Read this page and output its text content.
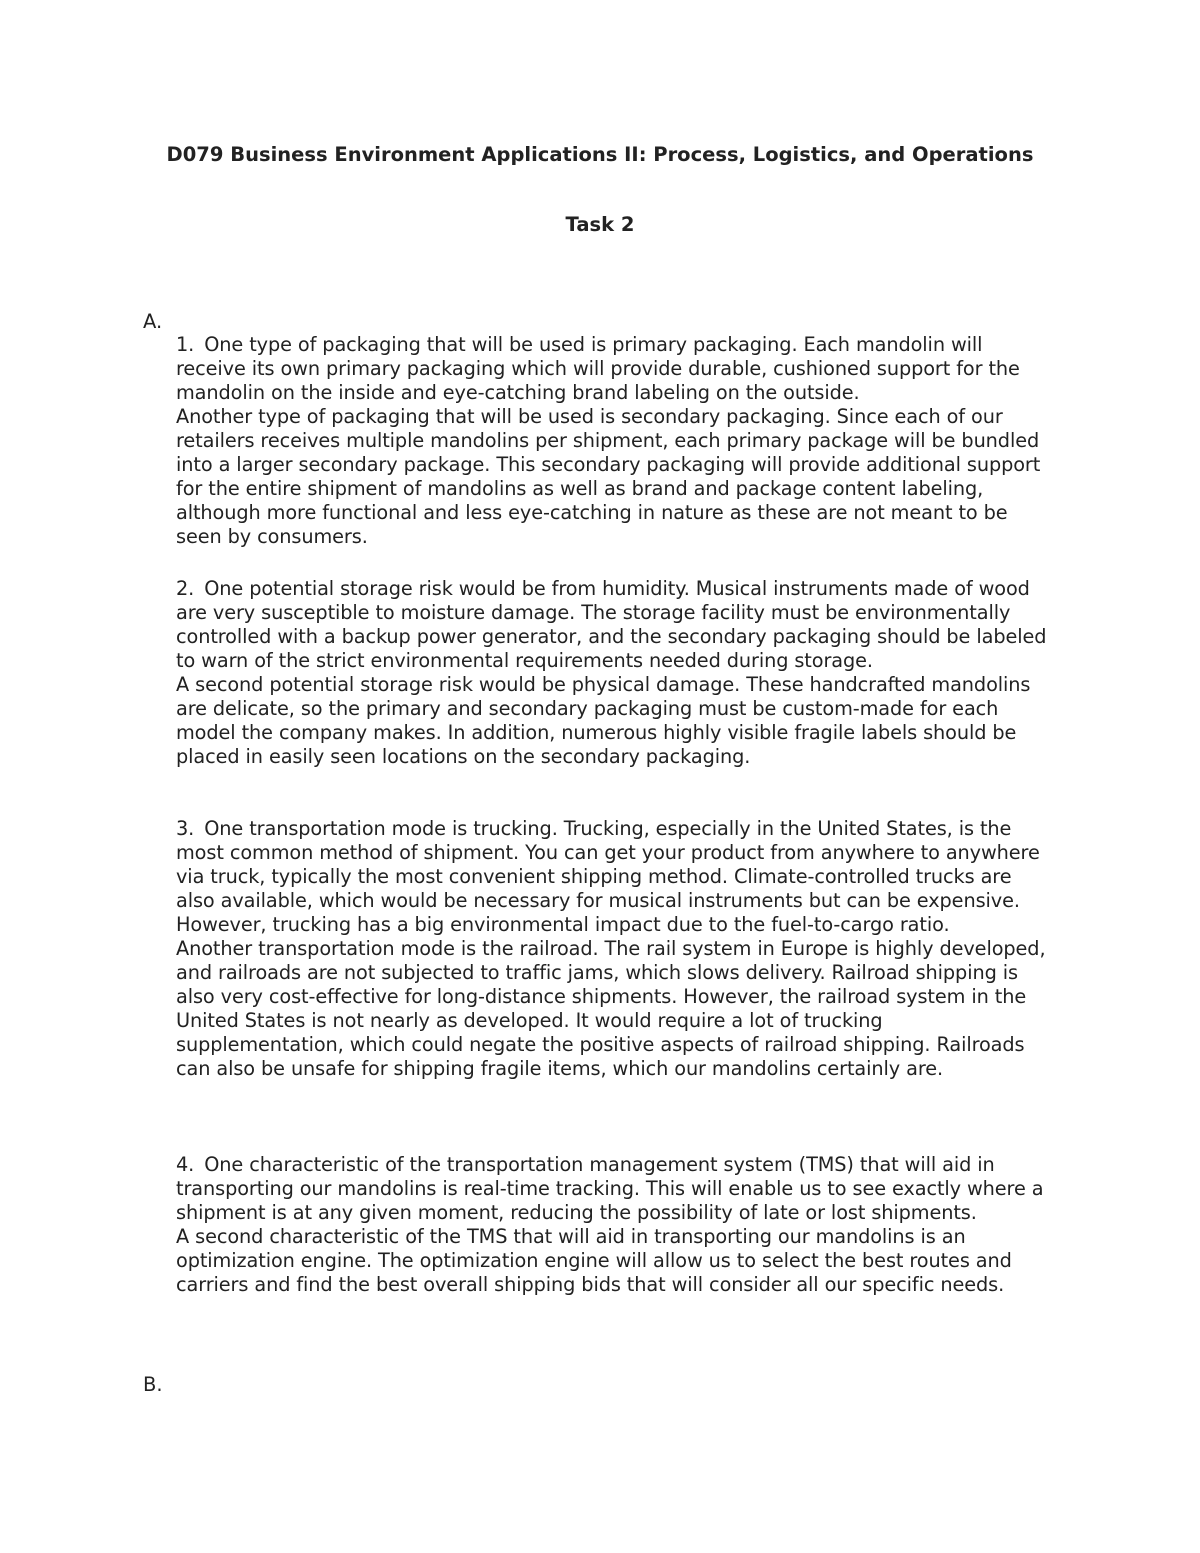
D079 Business Environment Applications II: Process, Logistics, and Operations
Task 2
A.

1. One type of packaging that will be used is primary packaging. Each mandolin will receive its own primary packaging which will provide durable, cushioned support for the mandolin on the inside and eye-catching brand labeling on the outside.

Another type of packaging that will be used is secondary packaging. Since each of our retailers receives multiple mandolins per shipment, each primary package will be bundled into a larger secondary package. This secondary packaging will provide additional support for the entire shipment of mandolins as well as brand and package content labeling, although more functional and less eye-catching in nature as these are not meant to be seen by consumers.

2. One potential storage risk would be from humidity. Musical instruments made of wood are very susceptible to moisture damage. The storage facility must be environmentally controlled with a backup power generator, and the secondary packaging should be labeled to warn of the strict environmental requirements needed during storage.

A second potential storage risk would be physical damage. These handcrafted mandolins are delicate, so the primary and secondary packaging must be custom-made for each model the company makes. In addition, numerous highly visible fragile labels should be placed in easily seen locations on the secondary packaging.

3. One transportation mode is trucking. Trucking, especially in the United States, is the most common method of shipment. You can get your product from anywhere to anywhere via truck, typically the most convenient shipping method. Climate-controlled trucks are also available, which would be necessary for musical instruments but can be expensive. However, trucking has a big environmental impact due to the fuel-to-cargo ratio.

Another transportation mode is the railroad. The rail system in Europe is highly developed, and railroads are not subjected to traffic jams, which slows delivery. Railroad shipping is also very cost-effective for long-distance shipments. However, the railroad system in the United States is not nearly as developed. It would require a lot of trucking supplementation, which could negate the positive aspects of railroad shipping. Railroads can also be unsafe for shipping fragile items, which our mandolins certainly are.

4. One characteristic of the transportation management system (TMS) that will aid in transporting our mandolins is real-time tracking. This will enable us to see exactly where a shipment is at any given moment, reducing the possibility of late or lost shipments.

A second characteristic of the TMS that will aid in transporting our mandolins is an optimization engine. The optimization engine will allow us to select the best routes and carriers and find the best overall shipping bids that will consider all our specific needs.

B.
